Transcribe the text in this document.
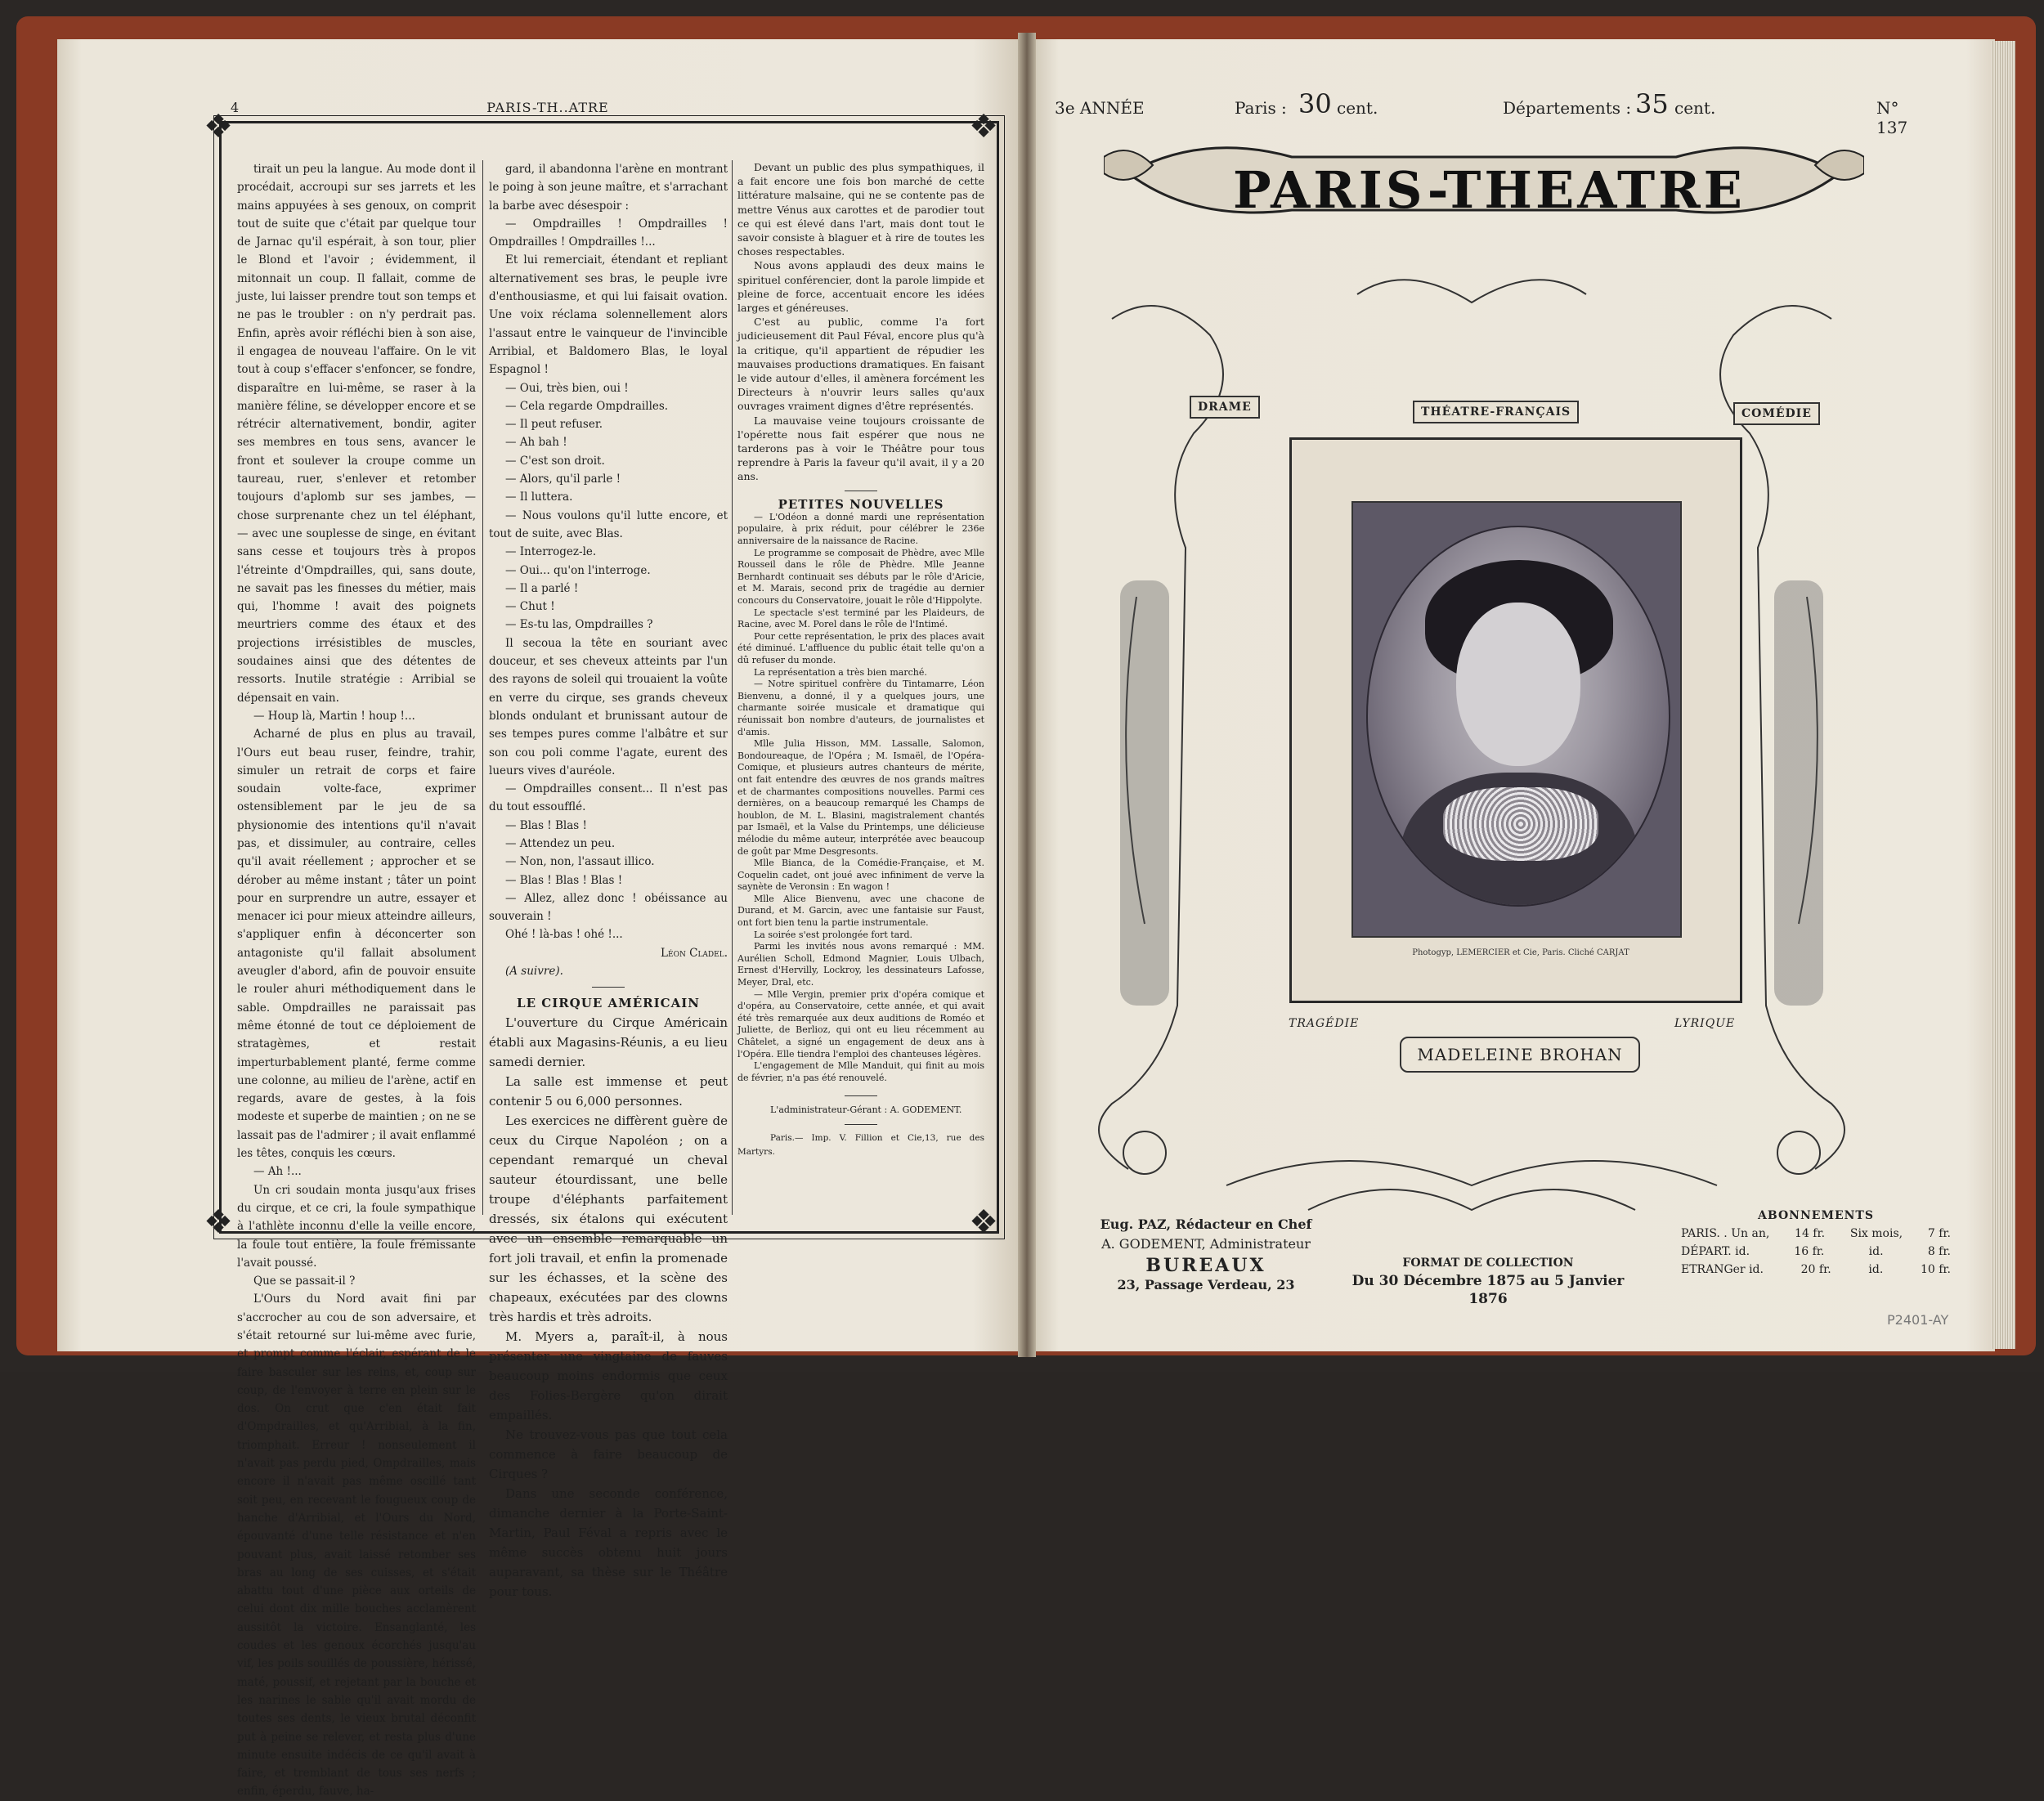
4	PARIS-TH..ATRE
❖	❖
❖	❖

tirait un peu la langue. Au mode dont il procédait, accroupi sur ses jarrets et les mains appuyées à ses genoux, on comprit tout de suite que c'était par quelque tour de Jarnac qu'il espérait, à son tour, plier le Blond et l'avoir ; évidemment, il mitonnait un coup. Il fallait, comme de juste, lui laisser prendre tout son temps et ne pas le troubler : on n'y perdrait pas. Enfin, après avoir réfléchi bien à son aise, il engagea de nouveau l'affaire. On le vit tout à coup s'effacer s'enfoncer, se fondre, disparaître en lui-même, se raser à la manière féline, se développer encore et se rétrécir alternativement, bondir, agiter ses membres en tous sens, avancer le front et soulever la croupe comme un taureau, ruer, s'enlever et retomber toujours d'aplomb sur ses jambes, — chose surprenante chez un tel éléphant, — avec une souplesse de singe, en évitant sans cesse et toujours très à propos l'étreinte d'Ompdrailles, qui, sans doute, ne savait pas les finesses du métier, mais qui, l'homme ! avait des poignets meurtriers comme des étaux et des projections irrésistibles de muscles, soudaines ainsi que des détentes de ressorts. Inutile stratégie : Arribial se dépensait en vain.

— Houp là, Martin ! houp !...

Acharné de plus en plus au travail, l'Ours eut beau ruser, feindre, trahir, simuler un retrait de corps et faire soudain volte-face, exprimer ostensiblement par le jeu de sa physionomie des intentions qu'il n'avait pas, et dissimuler, au contraire, celles qu'il avait réellement ; approcher et se dérober au même instant ; tâter un point pour en surprendre un autre, essayer et menacer ici pour mieux atteindre ailleurs, s'appliquer enfin à déconcerter son antagoniste qu'il fallait absolument aveugler d'abord, afin de pouvoir ensuite le rouler ahuri méthodiquement dans le sable. Ompdrailles ne paraissait pas même étonné de tout ce déploiement de stratagèmes, et restait imperturbablement planté, ferme comme une colonne, au milieu de l'arène, actif en regards, avare de gestes, à la fois modeste et superbe de maintien ; on ne se lassait pas de l'admirer ; il avait enflammé les têtes, conquis les cœurs.

— Ah !...

Un cri soudain monta jusqu'aux frises du cirque, et ce cri, la foule sympathique à l'athlète inconnu d'elle la veille encore, la foule tout entière, la foule frémissante l'avait poussé.

Que se passait-il ?

L'Ours du Nord avait fini par s'accrocher au cou de son adversaire, et s'était retourné sur lui-même avec furie, et prompt comme l'éclair, espérant de le faire basculer sur les reins, et, coup sur coup, de l'envoyer à terre en plein sur le dos. On crut que c'en était fait d'Ompdrailles, et qu'Arribial, à la fin, triomphait. Erreur ! nonseulement il n'avait pas perdu pied, Ompdrailles, mais encore il n'avait pas même oscillé tant soit peu, en recevant le fougueux coup de hanche d'Arribial, et l'Ours du Nord, épouvanté d'une telle résistance et n'en pouvant plus, avait laissé retomber ses bras au long de ses cuisses, et s'était abattu tout d'une pièce aux orteils de celui dont dix mille bouches acclamèrent aussitôt la victoire. Ensanglanté, les coudes et les genoux écorchés jusqu'au vif, les poils souillés de poussière, hérissé, maté, poussif, et rejetant par la bouche et les narines le sable qu'il avait mordu de toutes ses dents, le vieux brutal déconfit put à peine se relever, et resta plus d'une minute ensuite indécis de ce qu'il avait à faire, et tremblant de tous ses nerfs ; enfin, éperdu, fauve, ha-

gard, il abandonna l'arène en montrant le poing à son jeune maître, et s'arrachant la barbe avec désespoir :

— Ompdrailles ! Ompdrailles ! Ompdrailles ! Ompdrailles !...

Et lui remerciait, étendant et repliant alternativement ses bras, le peuple ivre d'enthousiasme, et qui lui faisait ovation. Une voix réclama solennellement alors l'assaut entre le vainqueur de l'invincible Arribial, et Baldomero Blas, le loyal Espagnol !

— Oui, très bien, oui !

— Cela regarde Ompdrailles.

— Il peut refuser.

— Ah bah !

— C'est son droit.

— Alors, qu'il parle !

— Il luttera.

— Nous voulons qu'il lutte encore, et tout de suite, avec Blas.

— Interrogez-le.

— Oui... qu'on l'interroge.

— Il a parlé !

— Chut !

— Es-tu las, Ompdrailles ?

Il secoua la tête en souriant avec douceur, et ses cheveux atteints par l'un des rayons de soleil qui trouaient la voûte en verre du cirque, ses grands cheveux blonds ondulant et brunissant autour de ses tempes pures comme l'albâtre et sur son cou poli comme l'agate, eurent des lueurs vives d'auréole.

— Ompdrailles consent... Il n'est pas du tout essoufflé.

— Blas ! Blas !

— Attendez un peu.

— Non, non, l'assaut illico.

— Blas ! Blas ! Blas !

— Allez, allez donc ! obéissance au souverain !

Ohé ! là-bas ! ohé !...

Léon Cladel.

(A suivre).

LE CIRQUE AMÉRICAIN

L'ouverture du Cirque Américain établi aux Magasins-Réunis, a eu lieu samedi dernier.

La salle est immense et peut contenir 5 ou 6,000 personnes.

Les exercices ne diffèrent guère de ceux du Cirque Napoléon ; on a cependant remarqué un cheval sauteur étourdissant, une belle troupe d'éléphants parfaitement dressés, six étalons qui exécutent avec un ensemble remarquable un fort joli travail, et enfin la promenade sur les échasses, et la scène des chapeaux, exécutées par des clowns très hardis et très adroits.

M. Myers a, paraît-il, à nous présenter une vingtaine de fauves beaucoup moins endormis que ceux des Folies-Bergère qu'on dirait empaillés.

Ne trouvez-vous pas que tout cela commence à faire beaucoup de Cirques ?

Dans une seconde conférence, dimanche dernier à la Porte-Saint-Martin, Paul Féval a repris avec le même succès obtenu huit jours auparavant, sa thèse sur le Théâtre pour tous.

Devant un public des plus sympathiques, il a fait encore une fois bon marché de cette littérature malsaine, qui ne se contente pas de mettre Vénus aux carottes et de parodier tout ce qui est élevé dans l'art, mais dont tout le savoir consiste à blaguer et à rire de toutes les choses respectables.

Nous avons applaudi des deux mains le spirituel conférencier, dont la parole limpide et pleine de force, accentuait encore les idées larges et généreuses.

C'est au public, comme l'a fort judicieusement dit Paul Féval, encore plus qu'à la critique, qu'il appartient de répudier les mauvaises productions dramatiques. En faisant le vide autour d'elles, il amènera forcément les Directeurs à n'ouvrir leurs salles qu'aux ouvrages vraiment dignes d'être représentés.

La mauvaise veine toujours croissante de l'opérette nous fait espérer que nous ne tarderons pas à voir le Théâtre pour tous reprendre à Paris la faveur qu'il avait, il y a 20 ans.

PETITES NOUVELLES

— L'Odéon a donné mardi une représentation populaire, à prix réduit, pour célébrer le 236e anniversaire de la naissance de Racine.

Le programme se composait de Phèdre, avec Mlle Rousseil dans le rôle de Phèdre. Mlle Jeanne Bernhardt continuait ses débuts par le rôle d'Aricie, et M. Marais, second prix de tragédie au dernier concours du Conservatoire, jouait le rôle d'Hippolyte.

Le spectacle s'est terminé par les Plaideurs, de Racine, avec M. Porel dans le rôle de l'Intimé.

Pour cette représentation, le prix des places avait été diminué. L'affluence du public était telle qu'on a dû refuser du monde.

La représentation a très bien marché.

— Notre spirituel confrère du Tintamarre, Léon Bienvenu, a donné, il y a quelques jours, une charmante soirée musicale et dramatique qui réunissait bon nombre d'auteurs, de journalistes et d'amis.

Mlle Julia Hisson, MM. Lassalle, Salomon, Bondoureaque, de l'Opéra ; M. Ismaël, de l'Opéra-Comique, et plusieurs autres chanteurs de mérite, ont fait entendre des œuvres de nos grands maîtres et de charmantes compositions nouvelles. Parmi ces dernières, on a beaucoup remarqué les Champs de houblon, de M. L. Blasini, magistralement chantés par Ismaël, et la Valse du Printemps, une délicieuse mélodie du même auteur, interprétée avec beaucoup de goût par Mme Desgresonts.

Mlle Bianca, de la Comédie-Française, et M. Coquelin cadet, ont joué avec infiniment de verve la saynète de Veronsin : En wagon !

Mlle Alice Bienvenu, avec une chacone de Durand, et M. Garcin, avec une fantaisie sur Faust, ont fort bien tenu la partie instrumentale.

La soirée s'est prolongée fort tard.

Parmi les invités nous avons remarqué : MM. Aurélien Scholl, Edmond Magnier, Louis Ulbach, Ernest d'Hervilly, Lockroy, les dessinateurs Lafosse, Meyer, Dral, etc.

— Mlle Vergin, premier prix d'opéra comique et d'opéra, au Conservatoire, cette année, et qui avait été très remarquée aux deux auditions de Roméo et Juliette, de Berlioz, qui ont eu lieu récemment au Châtelet, a signé un engagement de deux ans à l'Opéra. Elle tiendra l'emploi des chanteuses légères.

L'engagement de Mlle Manduit, qui finit au mois de février, n'a pas été renouvelé.

L'administrateur-Gérant : A. GODEMENT.

Paris.— Imp. V. Fillion et Cie,13, rue des Martyrs.

3e ANNÉE	Paris : 30 cent.	Départements : 35 cent.	N° 137
PARIS-THEATRE
DRAME	THÉATRE-FRANÇAIS	COMÉDIE
Photogyp, LEMERCIER et Cie, Paris. Cliché CARJAT
TRAGÉDIE	LYRIQUE
MADELEINE BROHAN
Eug. PAZ, Rédacteur en Chef
A. GODEMENT, Administrateur
BUREAUX
23, Passage Verdeau, 23
FORMAT DE COLLECTION
Du 30 Décembre 1875 au 5 Janvier 1876
ABONNEMENTS
PARIS. . Un an, 14 fr. Six mois, 7 fr.
DÉPART. id.	16 fr.	id.	8 fr.
ETRANGer id.	20 fr.	id.	10 fr.
P2401-AY
